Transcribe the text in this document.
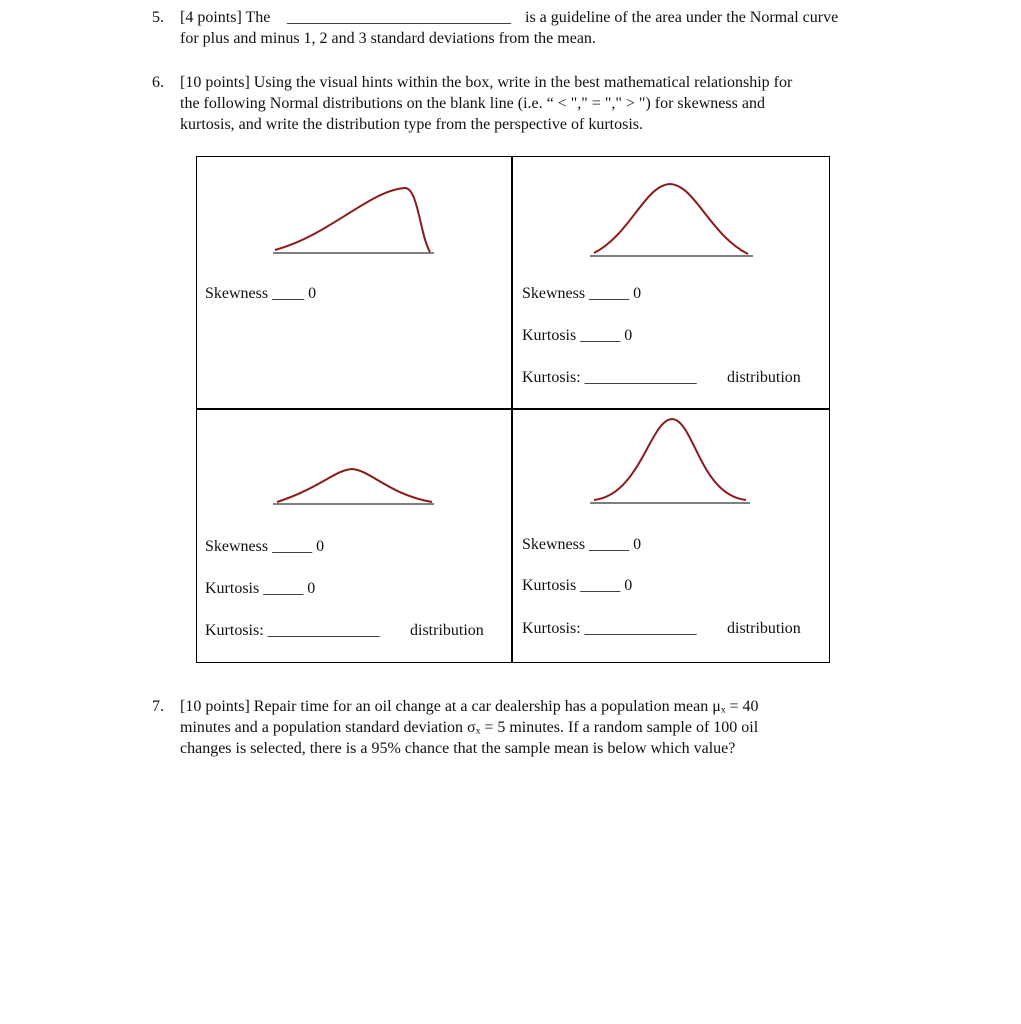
5. [4 points] The ____________________________ is a guideline of the area under the Normal curve
for plus and minus 1, 2 and 3 standard deviations from the mean.
6. [10 points] Using the visual hints within the box, write in the best mathematical relationship for
the following Normal distributions on the blank line (i.e. “ < "," = "," > ") for skewness and
kurtosis, and write the distribution type from the perspective of kurtosis.
Skewness ____ 0	Skewness _____ 0
Kurtosis _____ 0
Kurtosis: ______________ distribution
Skewness _____ 0
Kurtosis _____ 0
Kurtosis: ______________ distribution
Skewness _____ 0
Kurtosis _____ 0
Kurtosis: ______________ distribution
7. [10 points] Repair time for an oil change at a car dealership has a population mean μₓ = 40
minutes and a population standard deviation σₓ = 5 minutes. If a random sample of 100 oil
changes is selected, there is a 95% chance that the sample mean is below which value?
